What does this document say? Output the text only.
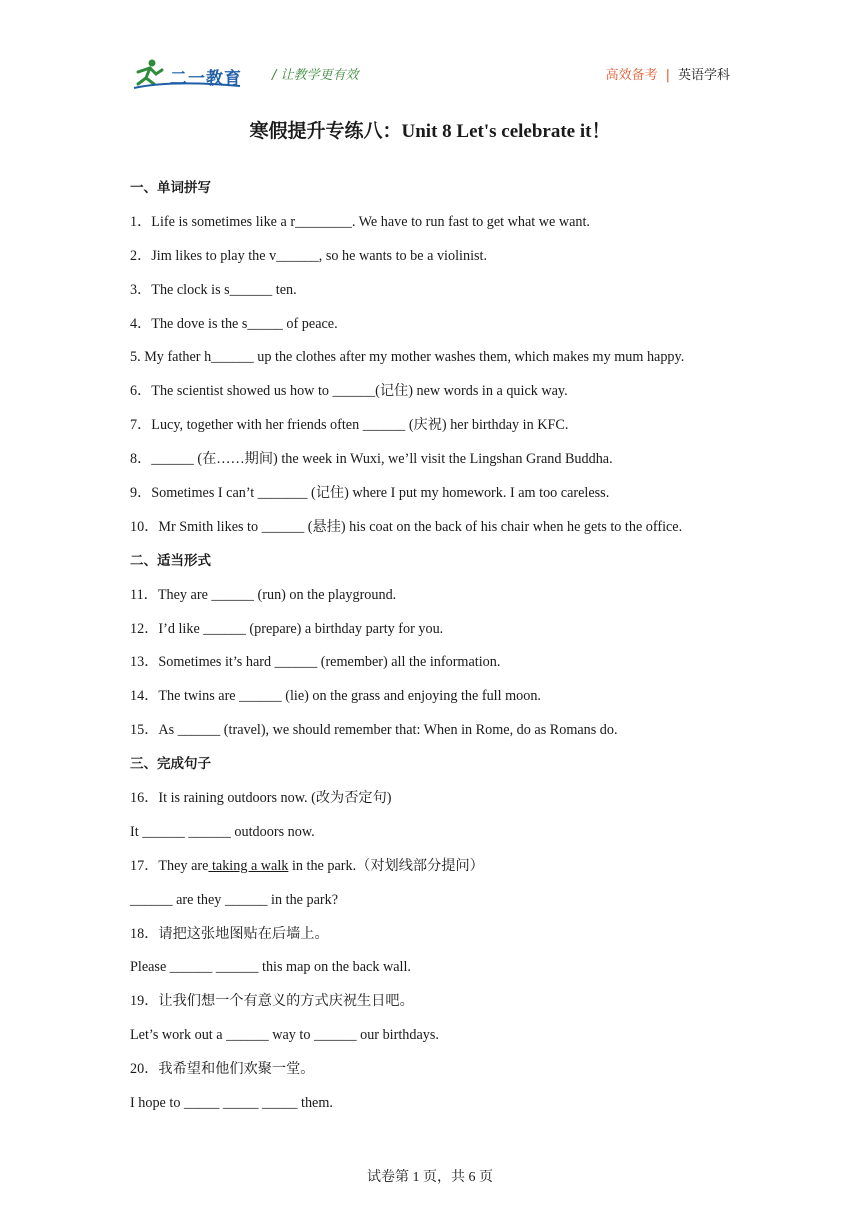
二一教育 / 让教学更有效	高效备考 | 英语学科
寒假提升专练八：Unit 8 Let's celebrate it！
一、单词拼写
1．Life is sometimes like a r________. We have to run fast to get what we want.
2．Jim likes to play the v______, so he wants to be a violinist.
3．The clock is s______ ten.
4．The dove is the s_____ of peace.
5. My father h______ up the clothes after my mother washes them, which makes my mum happy.
6．The scientist showed us how to ______(记住) new words in a quick way.
7．Lucy, together with her friends often ______ (庆祝) her birthday in KFC.
8．______ (在……期间) the week in Wuxi, we’ll visit the Lingshan Grand Buddha.
9．Sometimes I can’t _______ (记住) where I put my homework. I am too careless.
10．Mr Smith likes to ______ (悬挂) his coat on the back of his chair when he gets to the office.
二、适当形式
11．They are ______ (run) on the playground.
12．I’d like ______ (prepare) a birthday party for you.
13．Sometimes it’s hard ______ (remember) all the information.
14．The twins are ______ (lie) on the grass and enjoying the full moon.
15．As ______ (travel), we should remember that: When in Rome, do as Romans do.
三、完成句子
16．It is raining outdoors now. (改为否定句)
It ______ ______ outdoors now.
17．They are taking a walk in the park.（对划线部分提问）
______ are they ______ in the park?
18．请把这张地图贴在后墙上。
Please ______ ______ this map on the back wall.
19．让我们想一个有意义的方式庆祝生日吧。
Let’s work out a ______ way to ______ our birthdays.
20．我希望和他们欢聚一堂。
I hope to _____ _____ _____ them.
试卷第 1 页，共 6 页
